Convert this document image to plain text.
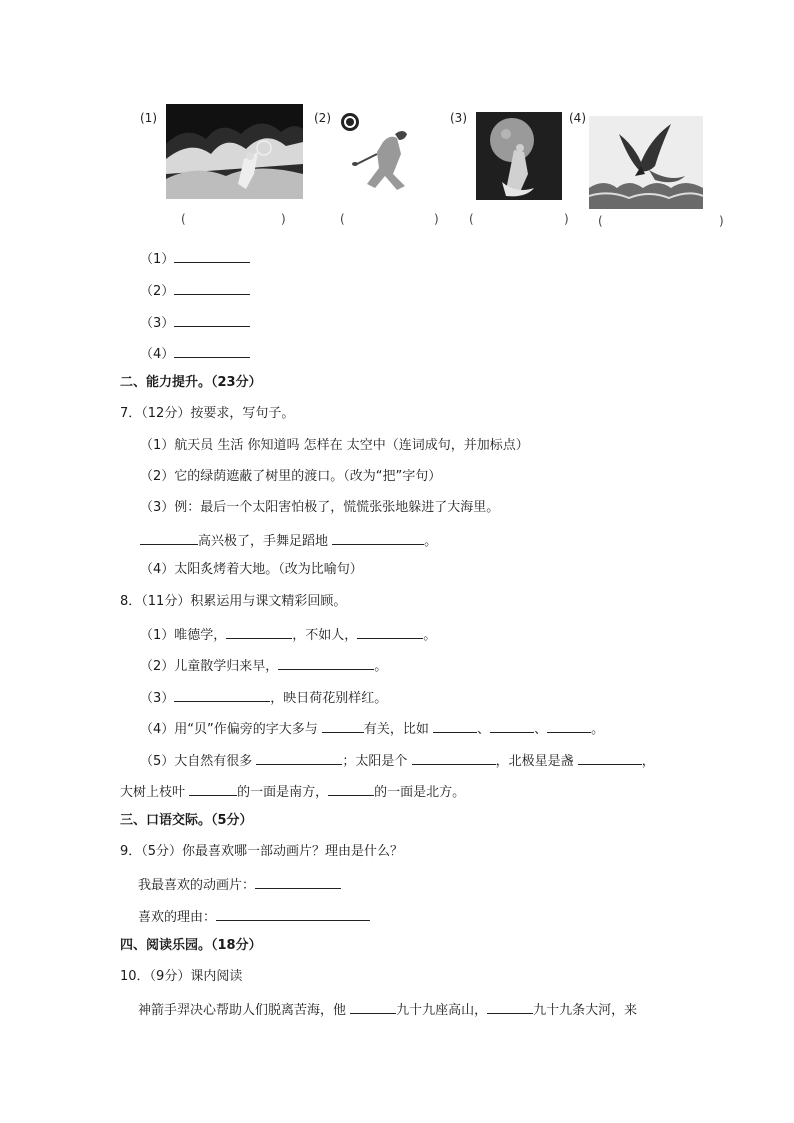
(1)	(2)	(3)	(4)
(	)	(	)	(	) (	)
（1）
（2）
（3）
（4）
二、能力提升。（23分）
7．（12分）按要求，写句子。
（1）航天员 生活 你知道吗 怎样在 太空中（连词成句，并加标点）
（2）它的绿荫遮蔽了树里的渡口。（改为“把”字句）
（3）例：最后一个太阳害怕极了，慌慌张张地躲进了大海里。
高兴极了，手舞足蹈地	。
（4）太阳炙烤着大地。（改为比喻句）
8．（11分）积累运用与课文精彩回顾。
（1）唯德学，	，不如人，	。
（2）儿童散学归来早，	。
（3）	，映日荷花别样红。
（4）用“贝”作偏旁的字大多与	有关，比如	、	、	。
（5）大自然有很多	；太阳是个	，北极星是盏	，
大树上枝叶	的一面是南方，	的一面是北方。
三、口语交际。（5分）
9．（5分）你最喜欢哪一部动画片？理由是什么？
我最喜欢的动画片：
喜欢的理由：
四、阅读乐园。（18分）
10．（9分）课内阅读
神箭手羿决心帮助人们脱离苦海，他	九十九座高山，	九十九条大河，来
